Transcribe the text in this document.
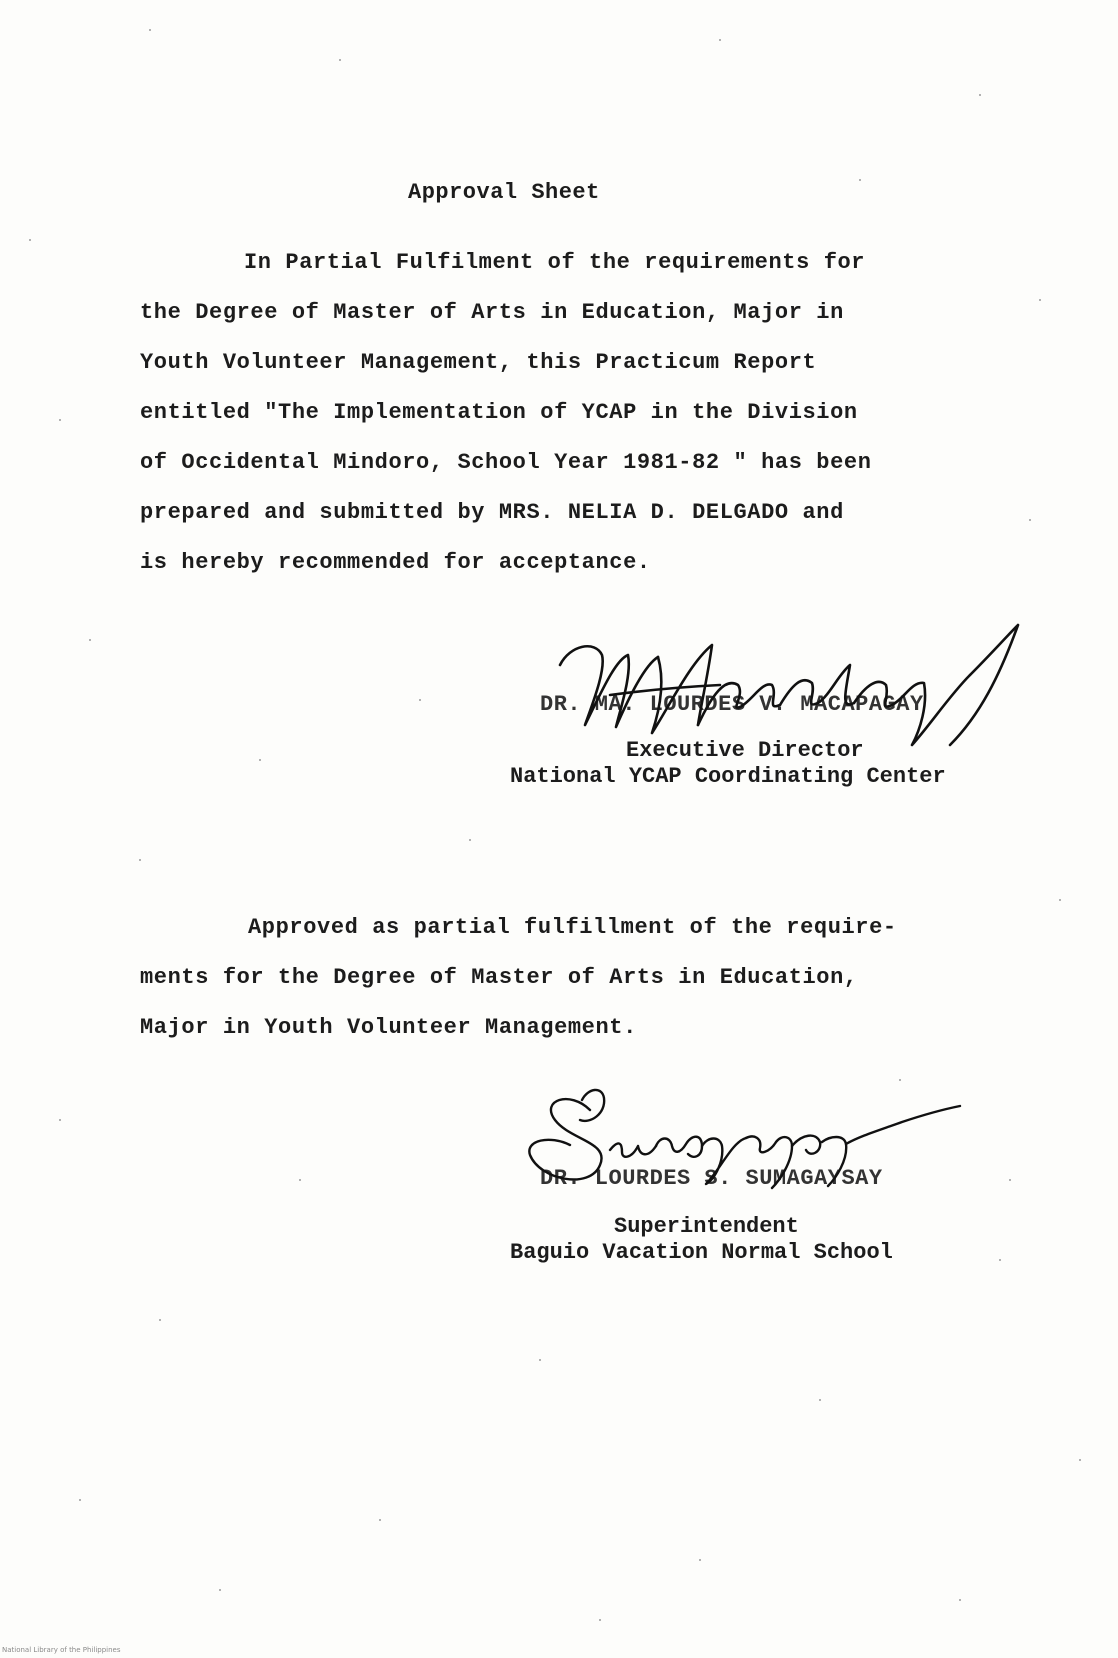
Approval Sheet
In Partial Fulfilment of the requirements for
the Degree of Master of Arts in Education, Major in
Youth Volunteer Management, this Practicum Report
entitled "The Implementation of YCAP in the Division
of Occidental Mindoro, School Year 1981-82 " has been
prepared and submitted by MRS. NELIA D. DELGADO and
is hereby recommended for acceptance.
DR. MA. LOURDES V. MACAPAGAY
Executive Director
National YCAP Coordinating Center
Approved as partial fulfillment of the require-
ments for the Degree of Master of Arts in Education,
Major in Youth Volunteer Management.
DR. LOURDES S. SUMAGAYSAY
Superintendent
Baguio Vacation Normal School
National Library of the Philippines
